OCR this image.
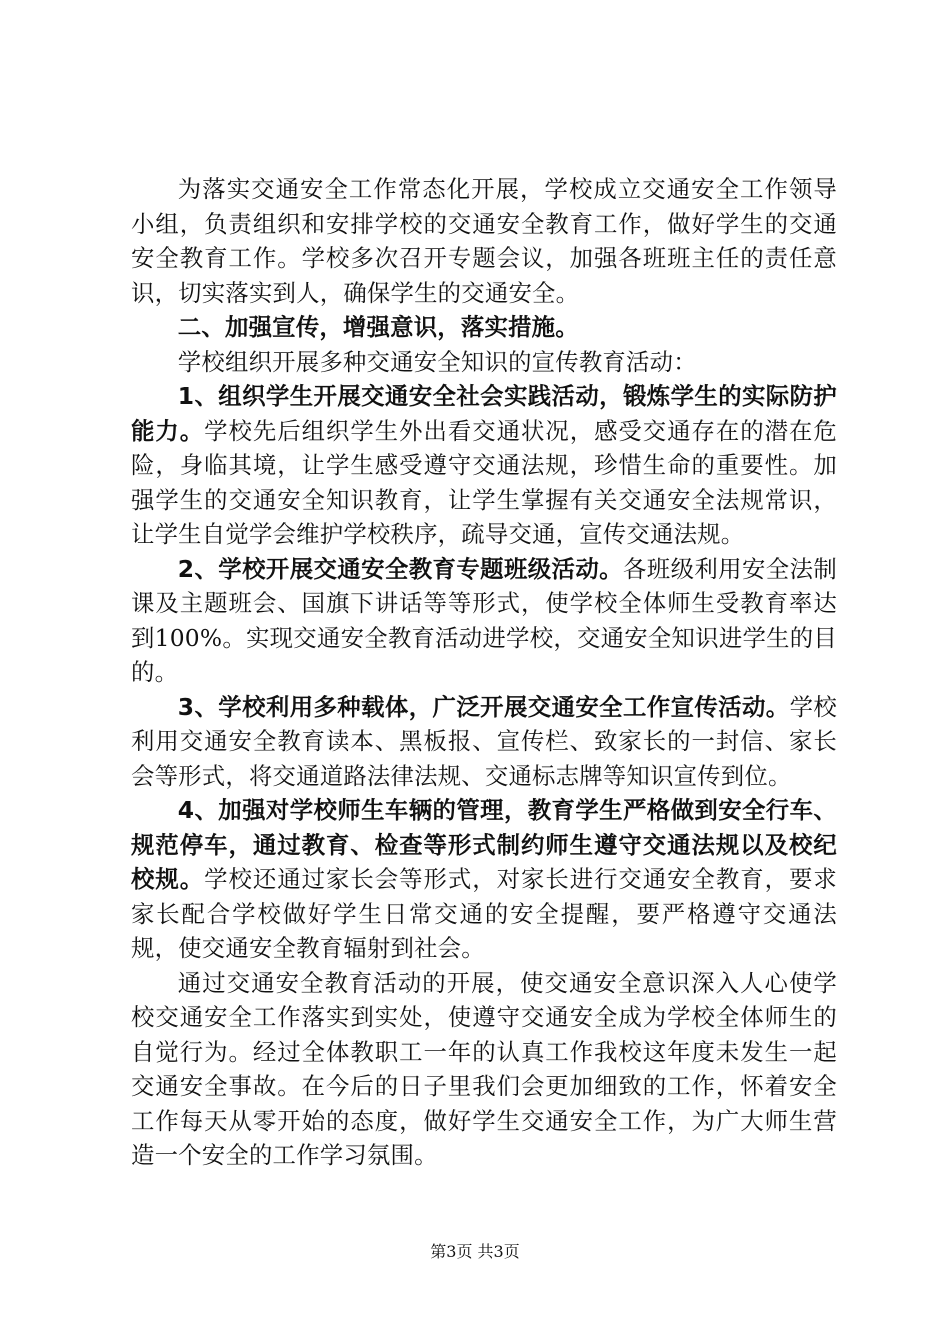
为落实交通安全工作常态化开展，学校成立交通安全工作领导小组，负责组织和安排学校的交通安全教育工作，做好学生的交通安全教育工作。学校多次召开专题会议，加强各班班主任的责任意识，切实落实到人，确保学生的交通安全。

二、加强宣传，增强意识，落实措施。

学校组织开展多种交通安全知识的宣传教育活动：

1、组织学生开展交通安全社会实践活动，锻炼学生的实际防护能力。学校先后组织学生外出看交通状况，感受交通存在的潜在危险，身临其境，让学生感受遵守交通法规，珍惜生命的重要性。加强学生的交通安全知识教育，让学生掌握有关交通安全法规常识，让学生自觉学会维护学校秩序，疏导交通，宣传交通法规。

2、学校开展交通安全教育专题班级活动。各班级利用安全法制课及主题班会、国旗下讲话等等形式，使学校全体师生受教育率达到100%。实现交通安全教育活动进学校，交通安全知识进学生的目的。

3、学校利用多种载体，广泛开展交通安全工作宣传活动。学校利用交通安全教育读本、黑板报、宣传栏、致家长的一封信、家长会等形式，将交通道路法律法规、交通标志牌等知识宣传到位。

4、加强对学校师生车辆的管理，教育学生严格做到安全行车、规范停车，通过教育、检查等形式制约师生遵守交通法规以及校纪校规。学校还通过家长会等形式，对家长进行交通安全教育，要求家长配合学校做好学生日常交通的安全提醒，要严格遵守交通法规，使交通安全教育辐射到社会。

通过交通安全教育活动的开展，使交通安全意识深入人心使学校交通安全工作落实到实处，使遵守交通安全成为学校全体师生的自觉行为。经过全体教职工一年的认真工作我校这年度未发生一起交通安全事故。在今后的日子里我们会更加细致的工作，怀着安全工作每天从零开始的态度，做好学生交通安全工作，为广大师生营造一个安全的工作学习氛围。

第3页 共3页
